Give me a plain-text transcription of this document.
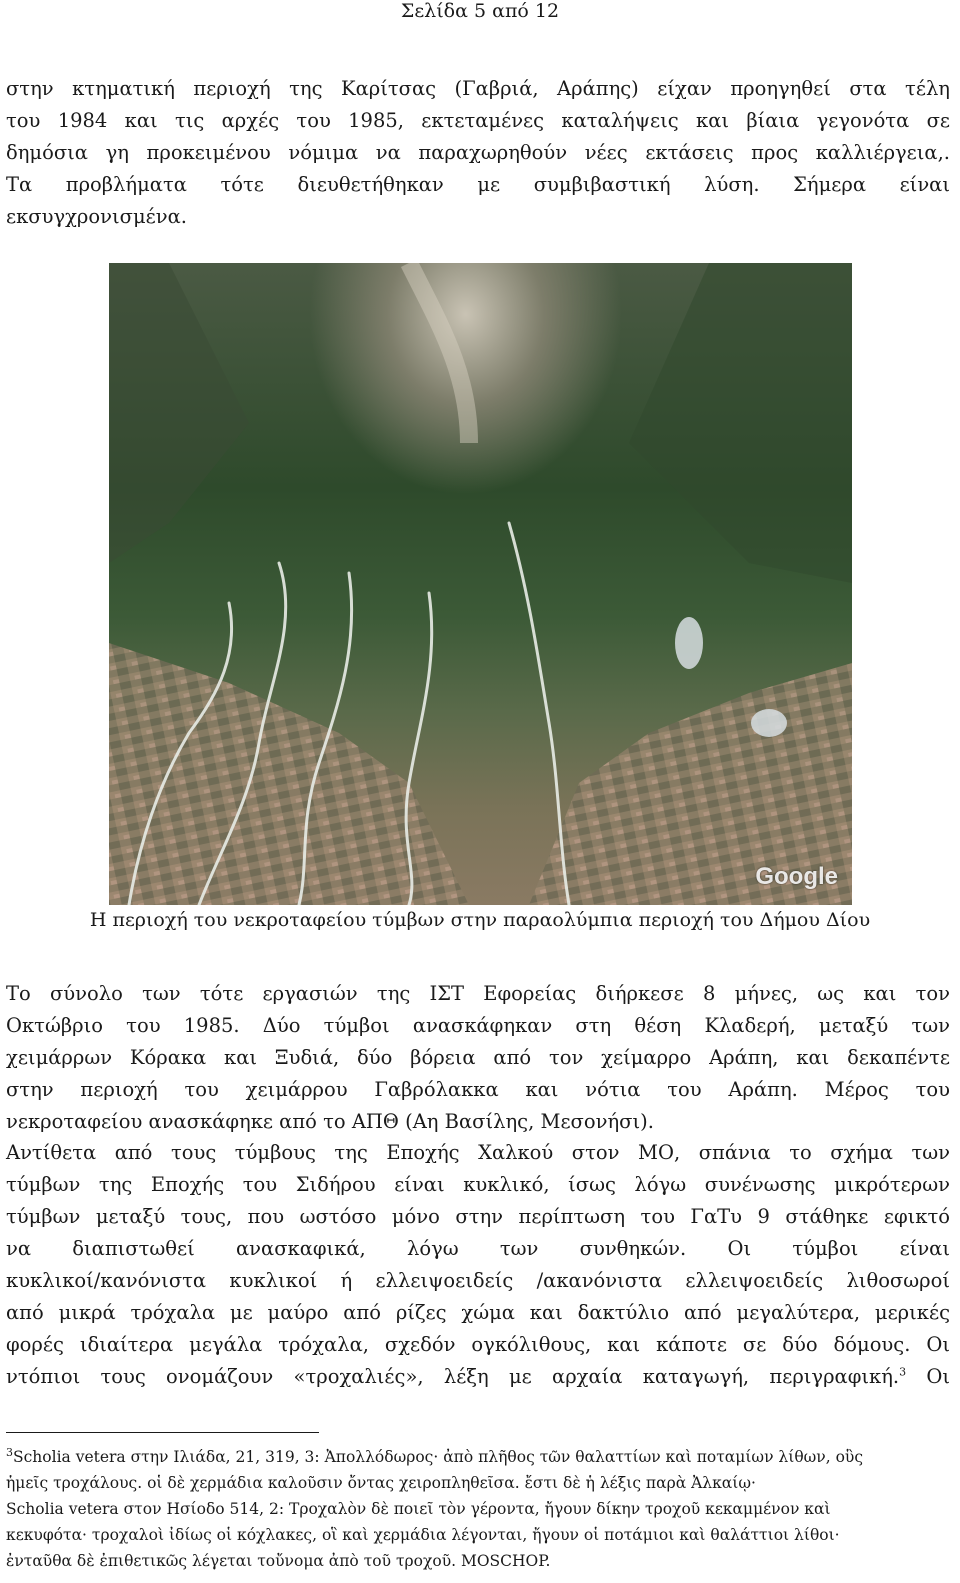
Σελίδα 5 από 12

στην κτηματική περιοχή της Καρίτσας (Γαβριά, Αράπης) είχαν προηγηθεί στα τέλη
του 1984 και τις αρχές του 1985, εκτεταμένες καταλήψεις και βίαια γεγονότα σε
δημόσια γη προκειμένου νόμιμα να παραχωρηθούν νέες εκτάσεις προς καλλιέργεια,.
Τα προβλήματα τότε διευθετήθηκαν με συμβιβαστική λύση. Σήμερα είναι
εκσυγχρονισμένα.

Google
Η περιοχή του νεκροταφείου τύμβων στην παραολύμπια περιοχή του Δήμου Δίου

Το σύνολο των τότε εργασιών της ΙΣΤ Εφορείας διήρκεσε 8 μήνες, ως και τον
Οκτώβριο του 1985. Δύο τύμβοι ανασκάφηκαν στη θέση Κλαδερή, μεταξύ των
χειμάρρων Κόρακα και Ξυδιά, δύο βόρεια από τον χείμαρρο Αράπη, και δεκαπέντε
στην περιοχή του χειμάρρου Γαβρόλακκα και νότια του Αράπη. Μέρος του
νεκροταφείου ανασκάφηκε από το ΑΠΘ (Αη Βασίλης, Μεσονήσι).

Αντίθετα από τους τύμβους της Εποχής Χαλκού στον ΜΟ, σπάνια το σχήμα των
τύμβων της Εποχής του Σιδήρου είναι κυκλικό, ίσως λόγω συνένωσης μικρότερων
τύμβων μεταξύ τους, που ωστόσο μόνο στην περίπτωση του ΓαΤυ 9 στάθηκε εφικτό
να διαπιστωθεί ανασκαφικά, λόγω των συνθηκών. Οι τύμβοι είναι
κυκλικοί/κανόνιστα κυκλικοί ή ελλειψοειδείς /ακανόνιστα ελλειψοειδείς λιθοσωροί
από μικρά τρόχαλα με μαύρο από ρίζες χώμα και δακτύλιο από μεγαλύτερα, μερικές
φορές ιδιαίτερα μεγάλα τρόχαλα, σχεδόν ογκόλιθους, και κάποτε σε δύο δόμους. Οι
ντόπιοι τους ονομάζουν «τροχαλιές», λέξη με αρχαία καταγωγή, περιγραφική.$^3$ Οι

$^3$Scholia vetera στην Ιλιάδα, 21, 319, 3: Ἀπολλόδωρος· ἀπὸ πλῆθος τῶν θαλαττίων καὶ ποταμίων λίθων, οὓς
ἡμεῖς τροχάλους. οἱ δὲ χερμάδια καλοῦσιν ὄντας χειροπληθεῖσα. ἔστι δὲ ἡ λέξις παρὰ Ἀλκαίῳ·
Scholia vetera στον Ησίοδο 514, 2: Τροχαλὸν δὲ ποιεῖ τὸν γέροντα, ἤγουν δίκην τροχοῦ κεκαμμένον καὶ
κεκυφότα· τροχαλοὶ ἰδίως οἱ κόχλακες, οἳ καὶ χερμάδια λέγονται, ἤγουν οἱ ποτάμιοι καὶ θαλάττιοι λίθοι·
ἐνταῦθα δὲ ἐπιθετικῶς λέγεται τοὔνομα ἀπὸ τοῦ τροχοῦ. MOSCHOP.
